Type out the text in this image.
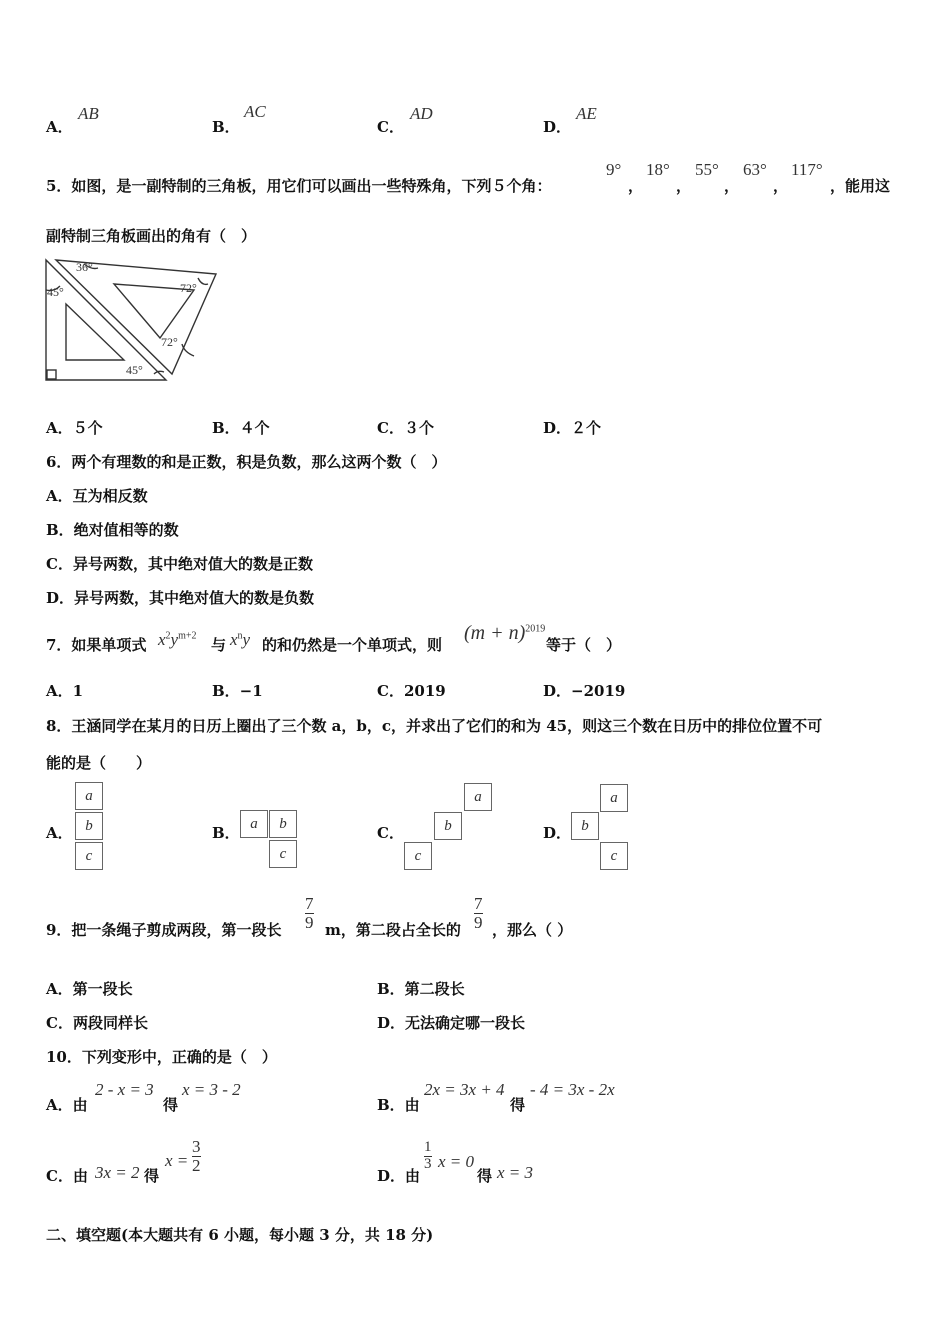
A．
AB
B．
AC
C．
AD
D．
AE
5．如图，是一副特制的三角板，用它们可以画出一些特殊角，下列５个角：
9°
，
18°
，
55°
，
63°
，
117°
，能用这
副特制三角板画出的角有（　）
36°
45°	72°
72°
45°
A．５个	B．４个	C．３个	D．２个
6．两个有理数的和是正数，积是负数，那么这两个数（　）
A．互为相反数
B．绝对值相等的数
C．异号两数，其中绝对值大的数是正数
D．异号两数，其中绝对值大的数是负数
7．如果单项式 $x^2y^{m+2}$
与 $x^ny$ 的和仍然是一个单项式，则
$(m + n)^{2019}$
等于（　）
A．1	B．−1	C．2019	D．−2019
8．王涵同学在某月的日历上圈出了三个数 a，b，c，并求出了它们的和为 45，则这三个数在日历中的排位位置不可
能的是（　　）
A．
a
b
c
B．
a	b
c
C．
a
b
c
D．
a
b
c
9．把一条绳子剪成两段，第一段长
7
9 m，第二段占全长的
7
9 ，那么（ ）
A．第一段长	B．第二段长
C．两段同样长	D．无法确定哪一段长
10．下列变形中，正确的是（　）
A．由
2 - x = 3
得
x = 3 - 2
B．由
2x = 3x + 4
得
- 4 = 3x - 2x
C．由 3x = 2 得
x =
3
2
D．由
1
3 x = 0
得 x = 3
二、填空题(本大题共有 6 小题，每小题 3 分，共 18 分)
